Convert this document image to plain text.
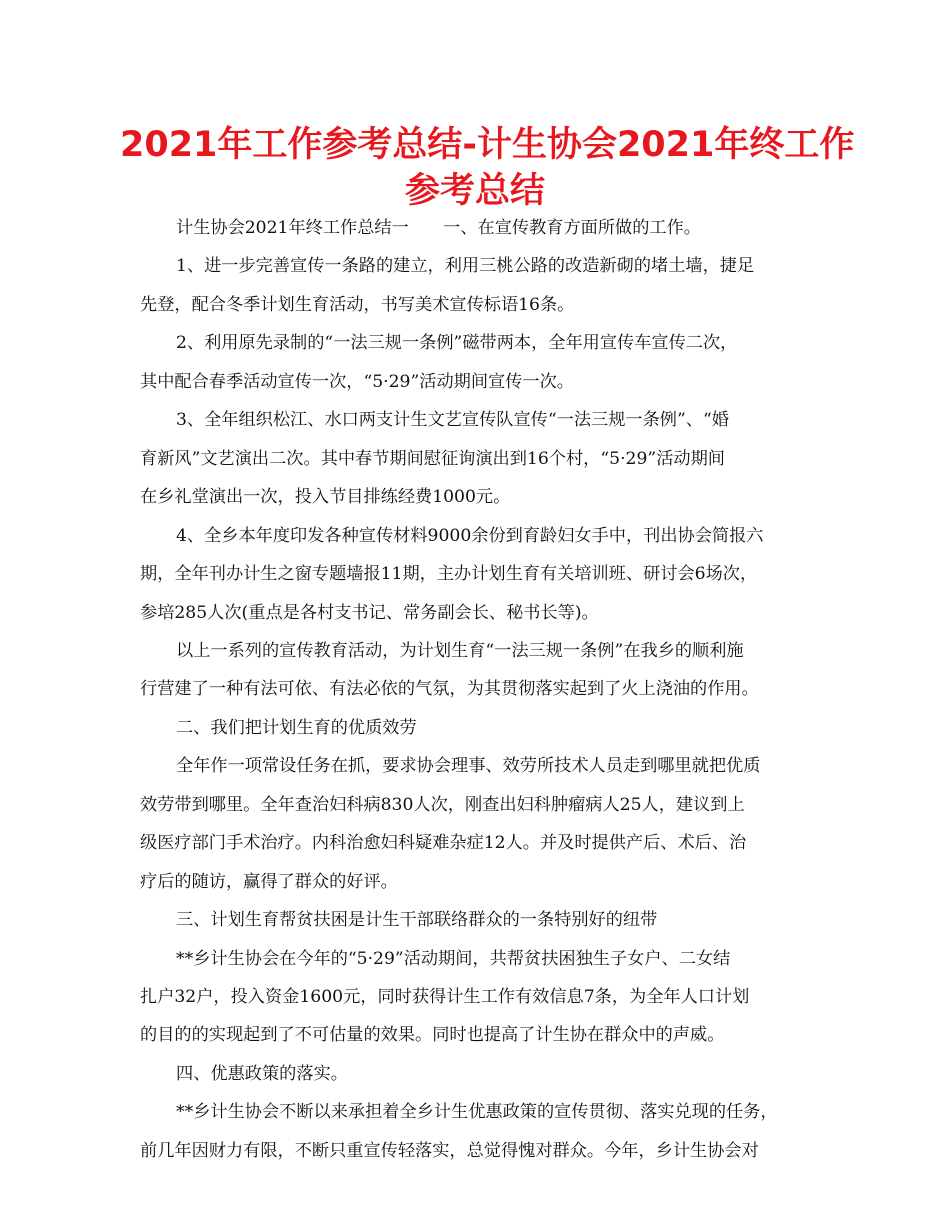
2021年工作参考总结-计生协会2021年终工作
参考总结

计生协会2021年终工作总结一　　一、在宣传教育方面所做的工作。

1、进一步完善宣传一条路的建立，利用三桃公路的改造新砌的堵土墙，捷足

先登，配合冬季计划生育活动，书写美术宣传标语16条。

2、利用原先录制的“一法三规一条例”磁带两本，全年用宣传车宣传二次，

其中配合春季活动宣传一次，“5·29”活动期间宣传一次。

3、全年组织松江、水口两支计生文艺宣传队宣传“一法三规一条例”、“婚

育新风”文艺演出二次。其中春节期间慰征询演出到16个村，“5·29”活动期间

在乡礼堂演出一次，投入节目排练经费1000元。

4、全乡本年度印发各种宣传材料9000余份到育龄妇女手中，刊出协会简报六

期，全年刊办计生之窗专题墙报11期，主办计划生育有关培训班、研讨会6场次，

参培285人次(重点是各村支书记、常务副会长、秘书长等)。

以上一系列的宣传教育活动，为计划生育“一法三规一条例”在我乡的顺利施

行营建了一种有法可依、有法必依的气氛，为其贯彻落实起到了火上浇油的作用。

二、我们把计划生育的优质效劳

全年作一项常设任务在抓，要求协会理事、效劳所技术人员走到哪里就把优质

效劳带到哪里。全年查治妇科病830人次，刚查出妇科肿瘤病人25人，建议到上

级医疗部门手术治疗。内科治愈妇科疑难杂症12人。并及时提供产后、术后、治

疗后的随访，赢得了群众的好评。

三、计划生育帮贫扶困是计生干部联络群众的一条特别好的纽带

**乡计生协会在今年的“5·29”活动期间，共帮贫扶困独生子女户、二女结

扎户32户，投入资金1600元，同时获得计生工作有效信息7条，为全年人口计划

的目的的实现起到了不可估量的效果。同时也提高了计生协在群众中的声威。

四、优惠政策的落实。

**乡计生协会不断以来承担着全乡计生优惠政策的宣传贯彻、落实兑现的任务，

前几年因财力有限，不断只重宣传轻落实，总觉得愧对群众。今年，乡计生协会对
